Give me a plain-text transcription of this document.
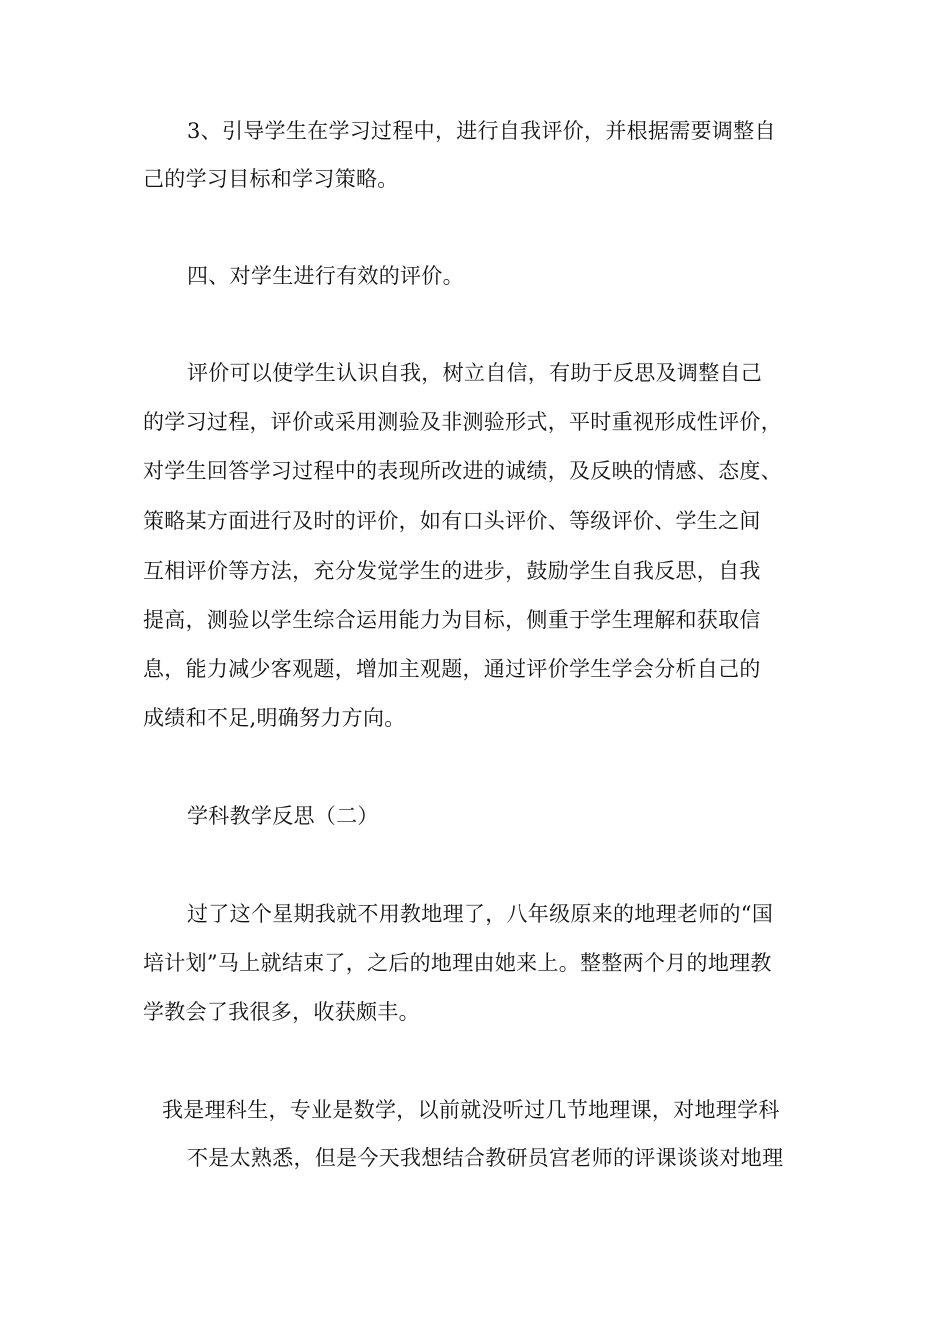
3、引导学生在学习过程中，进行自我评价，并根据需要调整自
己的学习目标和学习策略。
四、对学生进行有效的评价。
评价可以使学生认识自我，树立自信，有助于反思及调整自己
的学习过程，评价或采用测验及非测验形式，平时重视形成性评价，
对学生回答学习过程中的表现所改进的诚绩，及反映的情感、态度、
策略某方面进行及时的评价，如有口头评价、等级评价、学生之间
互相评价等方法，充分发觉学生的进步，鼓励学生自我反思，自我
提高，测验以学生综合运用能力为目标，侧重于学生理解和获取信
息，能力减少客观题，增加主观题，通过评价学生学会分析自己的
成绩和不足,明确努力方向。
学科教学反思（二）
过了这个星期我就不用教地理了，八年级原来的地理老师的“国
培计划”马上就结束了，之后的地理由她来上。整整两个月的地理教
学教会了我很多，收获颇丰。
我是理科生，专业是数学，以前就没听过几节地理课，对地理学科
不是太熟悉，但是今天我想结合教研员宫老师的评课谈谈对地理
